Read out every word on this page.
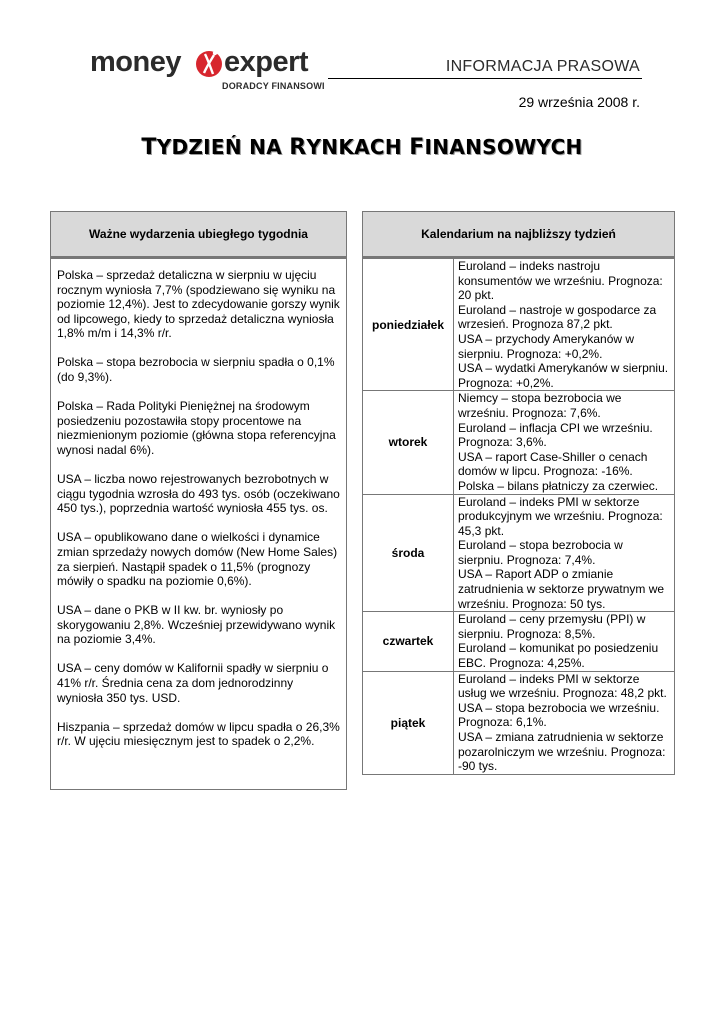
money expert
DORADCY FINANSOWI
INFORMACJA PRASOWA
29 września 2008 r.
TYDZIEŃ NA RYNKACH FINANSOWYCH
Ważne wydarzenia ubiegłego tygodnia

Polska – sprzedaż detaliczna w sierpniu w ujęciu rocznym wyniosła 7,7% (spodziewano się wyniku na poziomie 12,4%). Jest to zdecydowanie gorszy wynik od lipcowego, kiedy to sprzedaż detaliczna wyniosła 1,8% m/m i 14,3% r/r.

Polska – stopa bezrobocia w sierpniu spadła o 0,1% (do 9,3%).

Polska – Rada Polityki Pieniężnej na środowym posiedzeniu pozostawiła stopy procentowe na niezmienionym poziomie (główna stopa referencyjna wynosi nadal 6%).

USA – liczba nowo rejestrowanych bezrobotnych w ciągu tygodnia wzrosła do 493 tys. osób (oczekiwano 450 tys.), poprzednia wartość wyniosła 455 tys. os.

USA – opublikowano dane o wielkości i dynamice zmian sprzedaży nowych domów (New Home Sales) za sierpień. Nastąpił spadek o 11,5% (prognozy mówiły o spadku na poziomie 0,6%).

USA – dane o PKB w II kw. br. wyniosły po skorygowaniu 2,8%. Wcześniej przewidywano wynik na poziomie 3,4%.

USA – ceny domów w Kalifornii spadły w sierpniu o 41% r/r. Średnia cena za dom jednorodzinny wyniosła 350 tys. USD.

Hiszpania – sprzedaż domów w lipcu spadła o 26,3% r/r. W ujęciu miesięcznym jest to spadek o 2,2%.

Kalendarium na najbliższy tydzień
poniedziałek
Euroland – indeks nastroju konsumentów we wrześniu. Prognoza: 20 pkt.
Euroland – nastroje w gospodarce za wrzesień. Prognoza 87,2 pkt.
USA – przychody Amerykanów w sierpniu. Prognoza: +0,2%.
USA – wydatki Amerykanów w sierpniu. Prognoza: +0,2%.
wtorek
Niemcy – stopa bezrobocia we wrześniu. Prognoza: 7,6%.
Euroland – inflacja CPI we wrześniu. Prognoza: 3,6%.
USA – raport Case-Shiller o cenach domów w lipcu. Prognoza: -16%.
Polska – bilans płatniczy za czerwiec.
środa
Euroland – indeks PMI w sektorze produkcyjnym we wrześniu. Prognoza: 45,3 pkt.
Euroland – stopa bezrobocia w sierpniu. Prognoza: 7,4%.
USA – Raport ADP o zmianie zatrudnienia w sektorze prywatnym we wrześniu. Prognoza: 50 tys.
czwartek
Euroland – ceny przemysłu (PPI) w sierpniu. Prognoza: 8,5%.
Euroland – komunikat po posiedzeniu EBC. Prognoza: 4,25%.
piątek
Euroland – indeks PMI w sektorze usług we wrześniu. Prognoza: 48,2 pkt.
USA – stopa bezrobocia we wrześniu. Prognoza: 6,1%.
USA – zmiana zatrudnienia w sektorze pozarolniczym we wrześniu. Prognoza: -90 tys.
